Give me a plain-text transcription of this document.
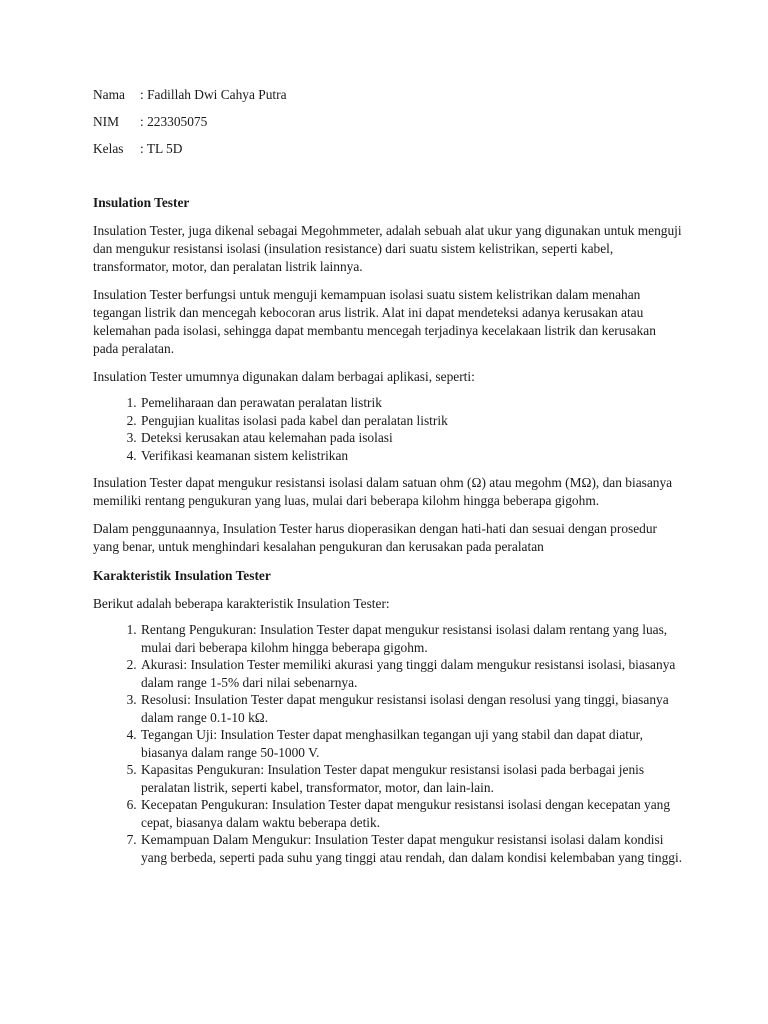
Nama	: Fadillah Dwi Cahya Putra
NIM	: 223305075
Kelas	: TL 5D
Insulation Tester

Insulation Tester, juga dikenal sebagai Megohmmeter, adalah sebuah alat ukur yang digunakan untuk menguji dan mengukur resistansi isolasi (insulation resistance) dari suatu sistem kelistrikan, seperti kabel, transformator, motor, dan peralatan listrik lainnya.

Insulation Tester berfungsi untuk menguji kemampuan isolasi suatu sistem kelistrikan dalam menahan tegangan listrik dan mencegah kebocoran arus listrik. Alat ini dapat mendeteksi adanya kerusakan atau kelemahan pada isolasi, sehingga dapat membantu mencegah terjadinya kecelakaan listrik dan kerusakan pada peralatan.

Insulation Tester umumnya digunakan dalam berbagai aplikasi, seperti:

1. Pemeliharaan dan perawatan peralatan listrik
2. Pengujian kualitas isolasi pada kabel dan peralatan listrik
3. Deteksi kerusakan atau kelemahan pada isolasi
4. Verifikasi keamanan sistem kelistrikan

Insulation Tester dapat mengukur resistansi isolasi dalam satuan ohm (Ω) atau megohm (MΩ), dan biasanya memiliki rentang pengukuran yang luas, mulai dari beberapa kilohm hingga beberapa gigohm.

Dalam penggunaannya, Insulation Tester harus dioperasikan dengan hati-hati dan sesuai dengan prosedur yang benar, untuk menghindari kesalahan pengukuran dan kerusakan pada peralatan

Karakteristik Insulation Tester

Berikut adalah beberapa karakteristik Insulation Tester:

1. Rentang Pengukuran: Insulation Tester dapat mengukur resistansi isolasi dalam rentang yang luas, mulai dari beberapa kilohm hingga beberapa gigohm.
2. Akurasi: Insulation Tester memiliki akurasi yang tinggi dalam mengukur resistansi isolasi, biasanya dalam range 1-5% dari nilai sebenarnya.
3. Resolusi: Insulation Tester dapat mengukur resistansi isolasi dengan resolusi yang tinggi, biasanya dalam range 0.1-10 kΩ.
4. Tegangan Uji: Insulation Tester dapat menghasilkan tegangan uji yang stabil dan dapat diatur, biasanya dalam range 50-1000 V.
5. Kapasitas Pengukuran: Insulation Tester dapat mengukur resistansi isolasi pada berbagai jenis peralatan listrik, seperti kabel, transformator, motor, dan lain-lain.
6. Kecepatan Pengukuran: Insulation Tester dapat mengukur resistansi isolasi dengan kecepatan yang cepat, biasanya dalam waktu beberapa detik.
7. Kemampuan Dalam Mengukur: Insulation Tester dapat mengukur resistansi isolasi dalam kondisi yang berbeda, seperti pada suhu yang tinggi atau rendah, dan dalam kondisi kelembaban yang tinggi.
